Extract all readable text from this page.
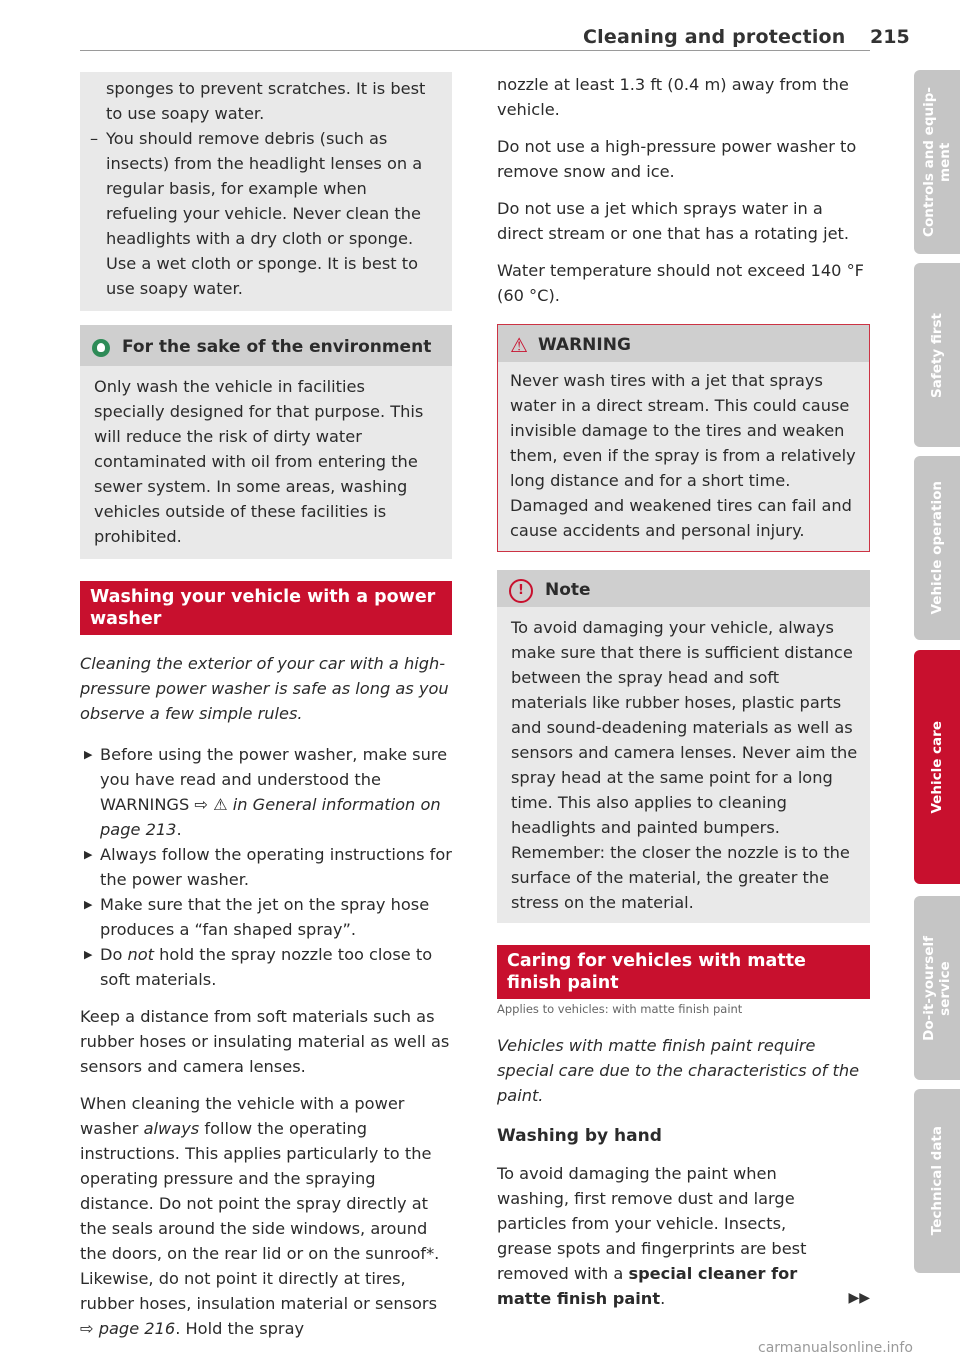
Cleaning and protection 215

sponges to prevent scratches. It is best to use soapy water.

– You should remove debris (such as insects) from the headlight lenses on a regular basis, for example when refueling your vehicle. Never clean the headlights with a dry cloth or sponge. Use a wet cloth or sponge. It is best to use soapy water.
For the sake of the environment

Only wash the vehicle in facilities specially designed for that purpose. This will reduce the risk of dirty water contaminated with oil from entering the sewer system. In some areas, washing vehicles outside of these facilities is prohibited.

Washing your vehicle with a power washer
Cleaning the exterior of your car with a high-pressure power washer is safe as long as you observe a few simple rules.
▶ Before using the power washer, make sure you have read and understood the WARNINGS ⇨ ⚠ in General information on page 213.
▶ Always follow the operating instructions for the power washer.
▶ Make sure that the jet on the spray hose produces a “fan shaped spray”.
▶ Do not hold the spray nozzle too close to soft materials.

Keep a distance from soft materials such as rubber hoses or insulating material as well as sensors and camera lenses.

When cleaning the vehicle with a power washer always follow the operating instructions. This applies particularly to the operating pressure and the spraying distance. Do not point the spray directly at the seals around the side windows, around the doors, on the rear lid or on the sunroof*. Likewise, do not point it directly at tires, rubber hoses, insulation material or sensors ⇨ page 216. Hold the spray

nozzle at least 1.3 ft (0.4 m) away from the vehicle.
Do not use a high-pressure power washer to remove snow and ice.
Do not use a jet which sprays water in a direct stream or one that has a rotating jet.
Water temperature should not exceed 140 °F (60 °C).
⚠ WARNING
Never wash tires with a jet that sprays water in a direct stream. This could cause invisible damage to the tires and weaken them, even if the spray is from a relatively long distance and for a short time. Damaged and weakened tires can fail and cause accidents and personal injury.
!	Note
To avoid damaging your vehicle, always make sure that there is sufficient distance between the spray head and soft materials like rubber hoses, plastic parts and sound-deadening materials as well as sensors and camera lenses. Never aim the spray head at the same point for a long time. This also applies to cleaning headlights and painted bumpers. Remember: the closer the nozzle is to the surface of the material, the greater the stress on the material.
Caring for vehicles with matte finish paint
Applies to vehicles: with matte finish paint
Vehicles with matte finish paint require special care due to the characteristics of the paint.
Washing by hand
To avoid damaging the paint when washing, first remove dust and large particles from your vehicle. Insects, grease spots and fingerprints are best removed with a special cleaner for matte finish paint.	▶▶
Controls and equip-
ment
Safety first
Vehicle operation
Vehicle care
Do-it-yourself
service
Technical data
carmanualsonline.info
